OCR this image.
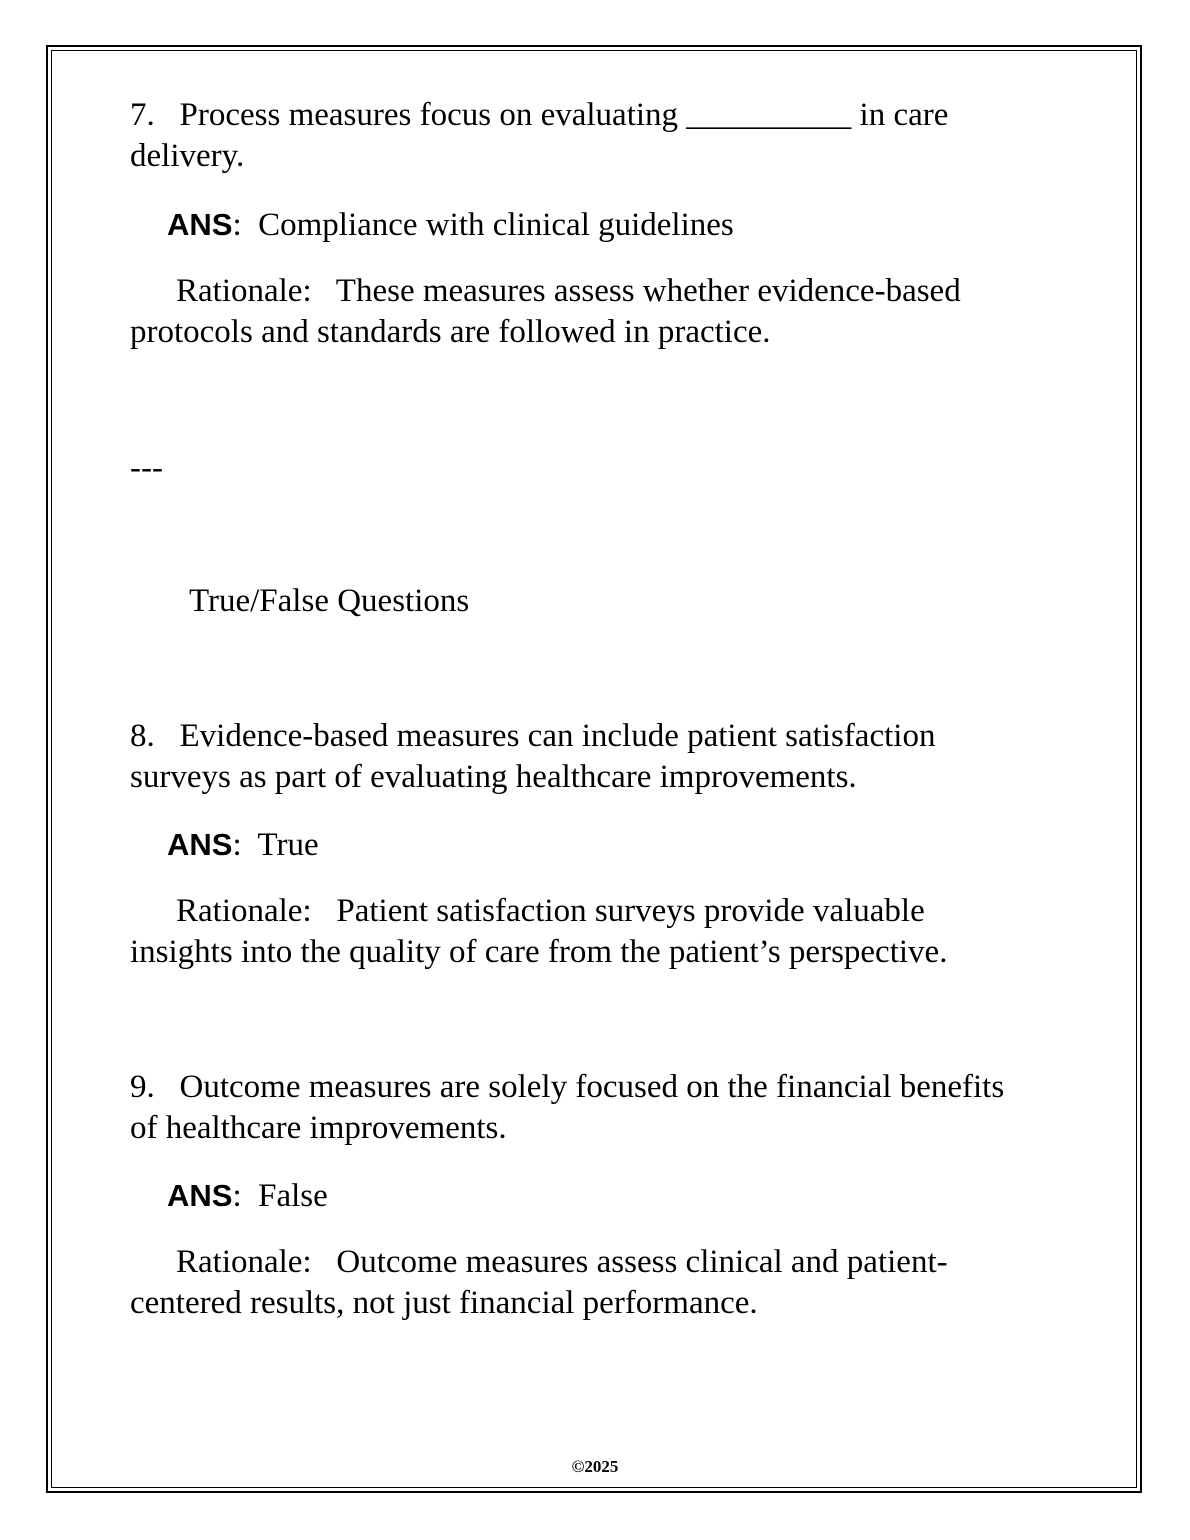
7. Process measures focus on evaluating __________ in care

delivery.

ANS:  Compliance with clinical guidelines

Rationale: These measures assess whether evidence-based

protocols and standards are followed in practice.

---

True/False Questions

8. Evidence-based measures can include patient satisfaction

surveys as part of evaluating healthcare improvements.

ANS:  True

Rationale: Patient satisfaction surveys provide valuable

insights into the quality of care from the patient’s perspective.

9. Outcome measures are solely focused on the financial benefits

of healthcare improvements.

ANS:  False

Rationale: Outcome measures assess clinical and patient-

centered results, not just financial performance.

©2025
